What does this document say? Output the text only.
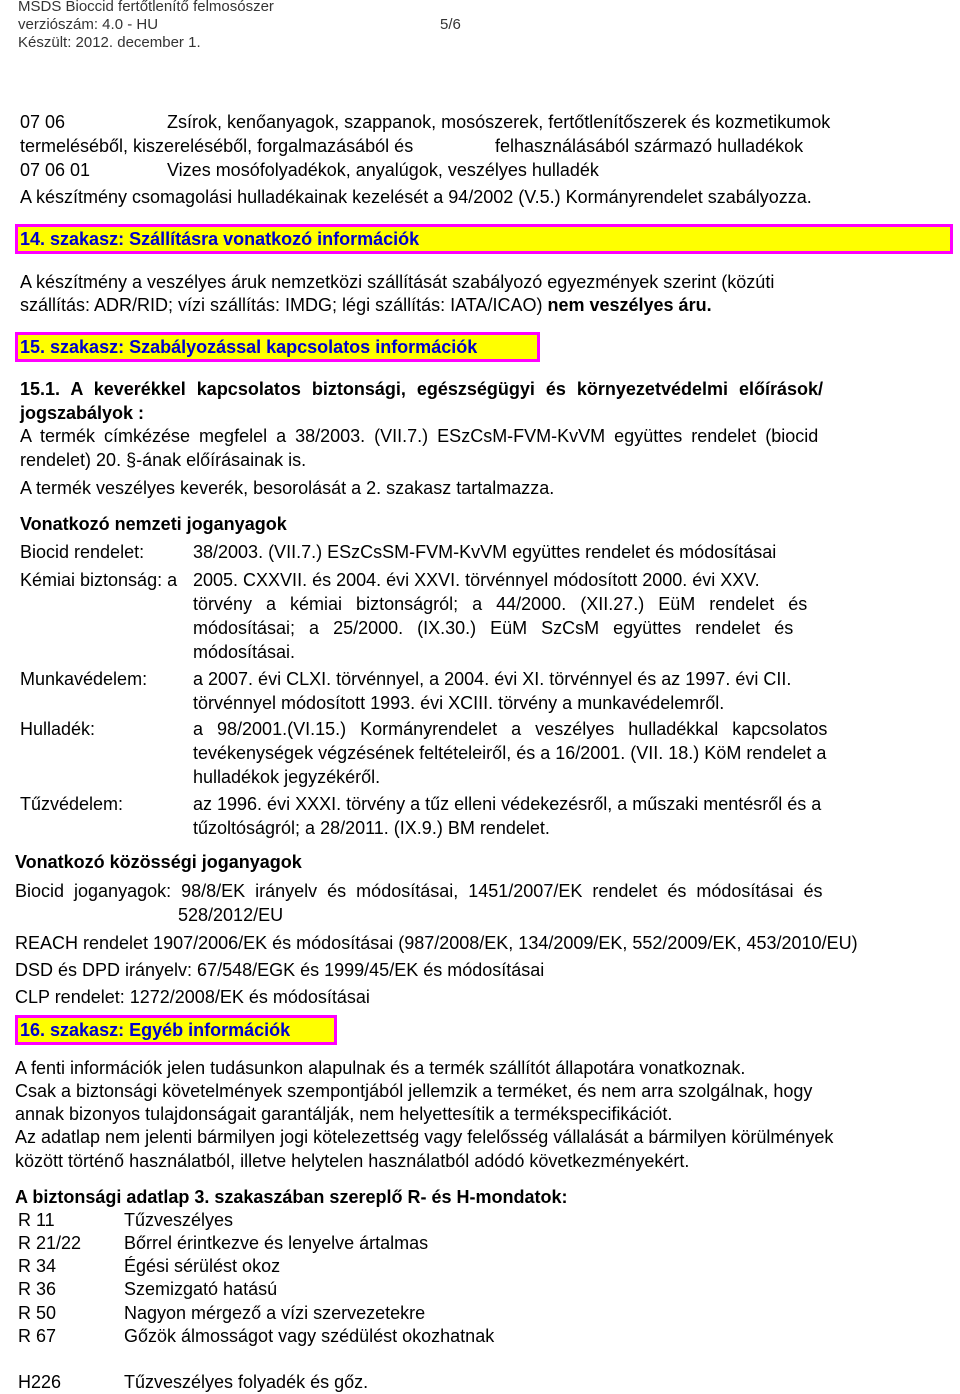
MSDS Bioccid fertőtlenítő felmosószer
verziószám: 4.0 - HU	5/6
Készült: 2012. december 1.
07 06	Zsírok, kenőanyagok, szappanok, mosószerek, fertőtlenítőszerek és kozmetikumok
termeléséből, kiszereléséből, forgalmazásából és	felhasználásából származó hulladékok
07 06 01	Vizes mosófolyadékok, anyalúgok, veszélyes hulladék
A készítmény csomagolási hulladékainak kezelését a 94/2002 (V.5.) Kormányrendelet szabályozza.
14. szakasz: Szállításra vonatkozó információk
A készítmény a veszélyes áruk nemzetközi szállítását szabályozó egyezmények szerint (közúti
szállítás: ADR/RID; vízi szállítás: IMDG; légi szállítás: IATA/ICAO) nem veszélyes áru.
15. szakasz: Szabályozással kapcsolatos információk
15.1. A keverékkel kapcsolatos biztonsági, egészségügyi és környezetvédelmi előírások/
jogszabályok :
A termék címkézése megfelel a 38/2003. (VII.7.) ESzCsM-FVM-KvVM együttes rendelet (biocid
rendelet) 20. §-ának előírásainak is.
A termék veszélyes keverék, besorolását a 2. szakasz tartalmazza.
Vonatkozó nemzeti joganyagok
Biocid rendelet:	38/2003. (VII.7.) ESzCsSM-FVM-KvVM együttes rendelet és módosításai
Kémiai biztonság: a 2005. CXXVII. és 2004. évi XXVI. törvénnyel módosított 2000. évi XXV.
törvény a kémiai biztonságról; a 44/2000. (XII.27.) EüM rendelet és
módosításai; a 25/2000. (IX.30.) EüM SzCsM együttes rendelet és
módosításai.
Munkavédelem:	a 2007. évi CLXI. törvénnyel, a 2004. évi XI. törvénnyel és az 1997. évi CII.
törvénnyel módosított 1993. évi XCIII. törvény a munkavédelemről.
Hulladék:	a 98/2001.(VI.15.) Kormányrendelet a veszélyes hulladékkal kapcsolatos
tevékenységek végzésének feltételeiről, és a 16/2001. (VII. 18.) KöM rendelet a
hulladékok jegyzékéről.
Tűzvédelem:	az 1996. évi XXXI. törvény a tűz elleni védekezésről, a műszaki mentésről és a
tűzoltóságról; a 28/2011. (IX.9.) BM rendelet.
Vonatkozó közösségi joganyagok
Biocid joganyagok: 98/8/EK irányelv és módosításai, 1451/2007/EK rendelet és módosításai és
528/2012/EU
REACH rendelet 1907/2006/EK és módosításai (987/2008/EK, 134/2009/EK, 552/2009/EK, 453/2010/EU)
DSD és DPD irányelv: 67/548/EGK és 1999/45/EK és módosításai
CLP rendelet: 1272/2008/EK és módosításai
16. szakasz: Egyéb információk
A fenti információk jelen tudásunkon alapulnak és a termék szállítót állapotára vonatkoznak.
Csak a biztonsági követelmények szempontjából jellemzik a terméket, és nem arra szolgálnak, hogy
annak bizonyos tulajdonságait garantálják, nem helyettesítik a termékspecifikációt.
Az adatlap nem jelenti bármilyen jogi kötelezettség vagy felelősség vállalását a bármilyen körülmények
között történő használatból, illetve helytelen használatból adódó következményekért.
A biztonsági adatlap 3. szakaszában szereplő R- és H-mondatok:
R 11	Tűzveszélyes
R 21/22 Bőrrel érintkezve és lenyelve ártalmas
R 34	Égési sérülést okoz
R 36	Szemizgató hatású
R 50	Nagyon mérgező a vízi szervezetekre
R 67	Gőzök álmosságot vagy szédülést okozhatnak
H226	Tűzveszélyes folyadék és gőz.
